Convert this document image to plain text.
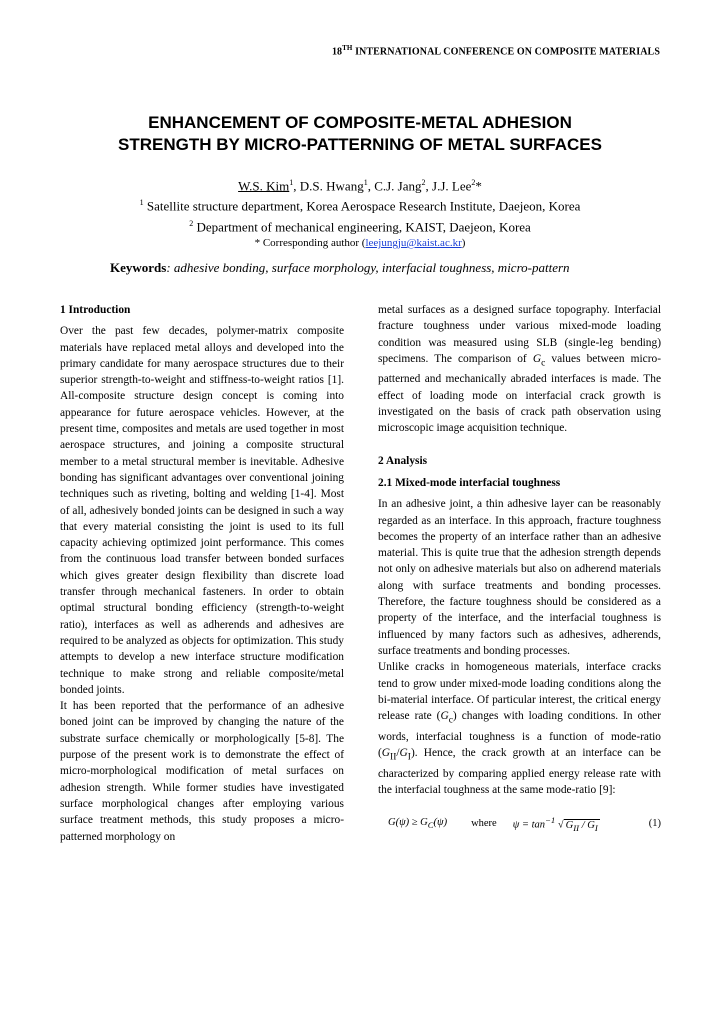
18TH INTERNATIONAL CONFERENCE ON COMPOSITE MATERIALS
ENHANCEMENT OF COMPOSITE-METAL ADHESION
STRENGTH BY MICRO-PATTERNING OF METAL SURFACES
W.S. Kim$^1$, D.S. Hwang$^1$, C.J. Jang$^2$, J.J. Lee$^2$*
$^1$ Satellite structure department, Korea Aerospace Research Institute, Daejeon, Korea
$^2$ Department of mechanical engineering, KAIST, Daejeon, Korea
* Corresponding author (leejungju@kaist.ac.kr)
Keywords: adhesive bonding, surface morphology, interfacial toughness, micro-pattern

1 Introduction

Over the past few decades, polymer-matrix composite materials have replaced metal alloys and developed into the primary candidate for many aerospace structures due to their superior strength-to-weight and stiffness-to-weight ratios [1]. All-composite structure design concept is coming into appearance for future aerospace vehicles. However, at the present time, composites and metals are used together in most aerospace structures, and joining a composite structural member to a metal structural member is inevitable. Adhesive bonding has significant advantages over conventional joining techniques such as riveting, bolting and welding [1-4]. Most of all, adhesively bonded joints can be designed in such a way that every material consisting the joint is used to its full capacity achieving optimized joint performance. This comes from the continuous load transfer between bonded surfaces which gives greater design flexibility than discrete load transfer through mechanical fasteners. In order to obtain optimal structural bonding efficiency (strength-to-weight ratio), interfaces as well as adherends and adhesives are required to be analyzed as objects for optimization. This study attempts to develop a new interface structure modification technique to make strong and reliable composite/metal bonded joints.

It has been reported that the performance of an adhesive boned joint can be improved by changing the nature of the substrate surface chemically or morphologically [5-8]. The purpose of the present work is to demonstrate the effect of micro-morphological modification of metal surfaces on adhesion strength. While former studies have investigated surface morphological changes after employing various surface treatment methods, this study proposes a micro-patterned morphology on

metal surfaces as a designed surface topography. Interfacial fracture toughness under various mixed-mode loading condition was measured using SLB (single-leg bending) specimens. The comparison of $G_c$ values between micro-patterned and mechanically abraded interfaces is made. The effect of loading mode on interfacial crack growth is investigated on the basis of crack path observation using microscopic image acquisition technique.

2 Analysis

2.1 Mixed-mode interfacial toughness

In an adhesive joint, a thin adhesive layer can be reasonably regarded as an interface. In this approach, fracture toughness becomes the property of an interface rather than an adhesive material. This is quite true that the adhesion strength depends not only on adhesive materials but also on adherend materials along with surface treatments and bonding processes. Therefore, the facture toughness should be considered as a property of the interface, and the interfacial toughness is influenced by many factors such as adhesives, adherends, surface treatments and bonding processes.

Unlike cracks in homogeneous materials, interface cracks tend to grow under mixed-mode loading conditions along the bi-material interface. Of particular interest, the critical energy release rate $(G_c)$ changes with loading conditions. In other words, interfacial toughness is a function of mode-ratio $(G_{II}/G_I)$. Hence, the crack growth at an interface can be characterized by comparing applied energy release rate with the interfacial toughness at the same mode-ratio [9]:

$G(\psi) \ge G_C(\psi)$ where $\psi = \tan^{-1}$ √ $G_{II} / G_I$	(1)
